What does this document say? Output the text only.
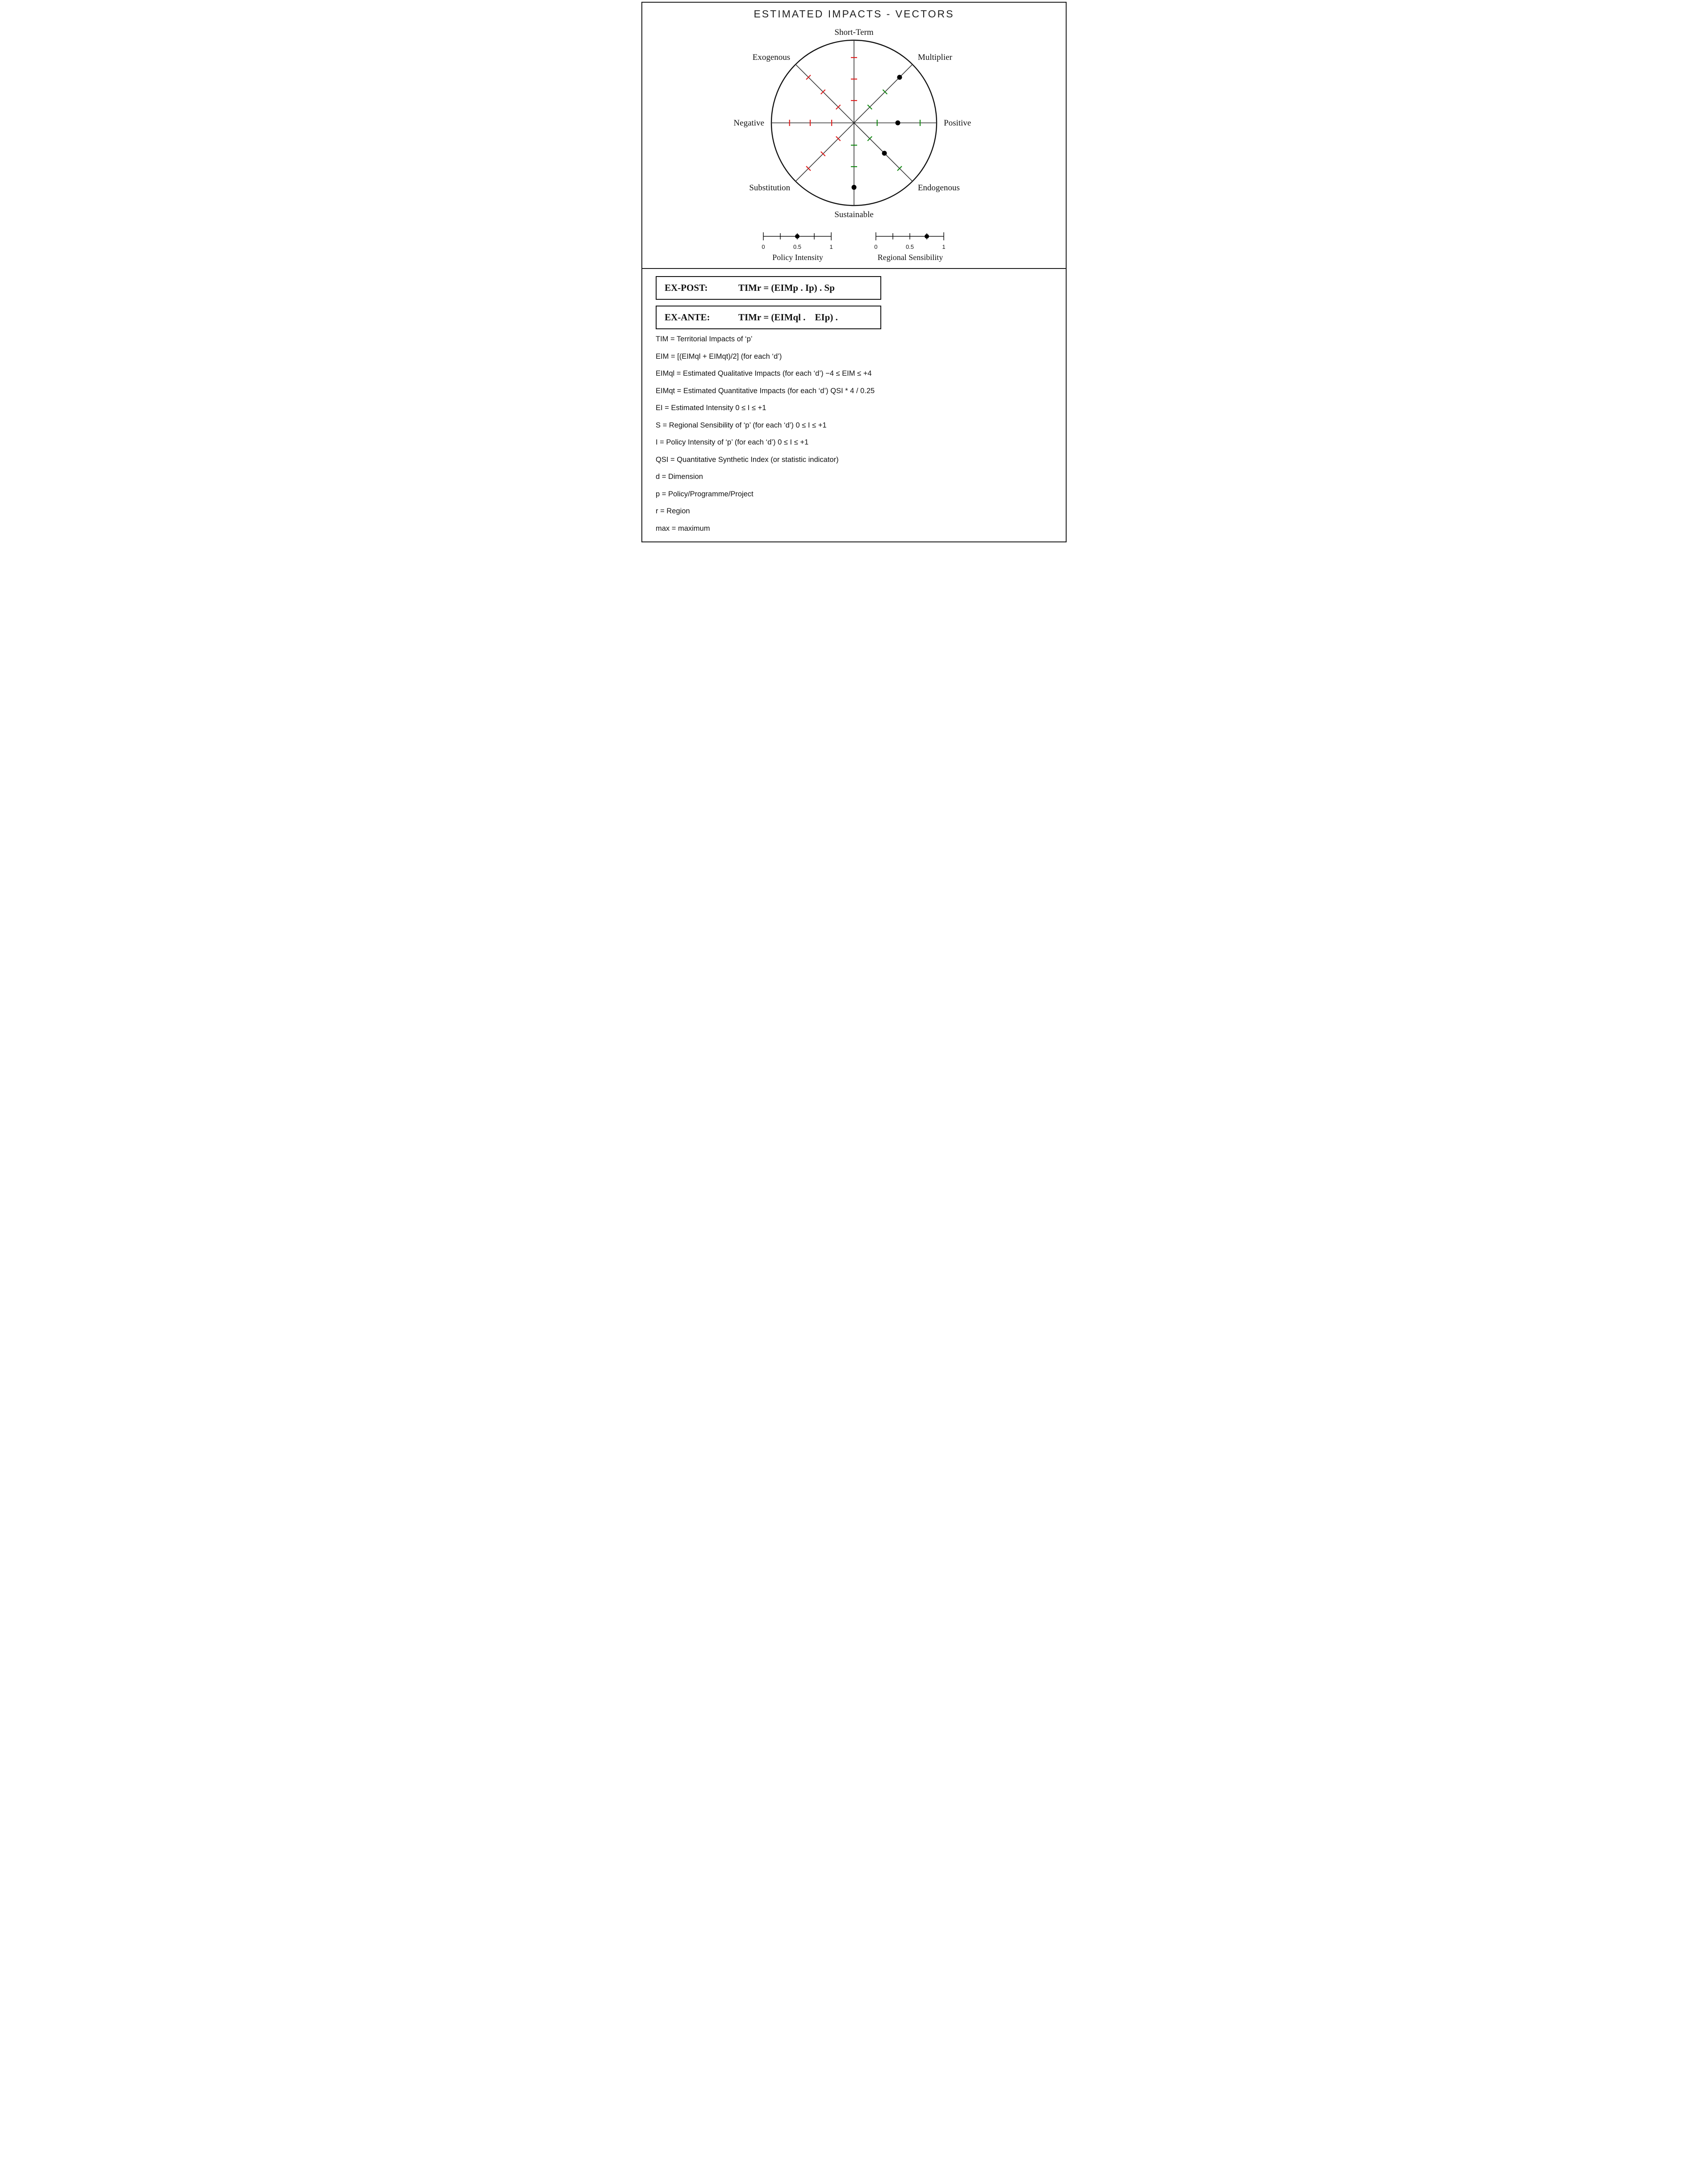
ESTIMATED IMPACTS - VECTORS
Short-Term
Multiplier
Positive
Endogenous
Sustainable
Substitution
Negative
Exogenous
0	0.5	1
Policy Intensity
0	0.5	1
Regional Sensibility
EX-POST:	TIMr = (EIMp . Ip) . Sp
EX-ANTE:	TIMr = (EIMql .    EIp) .
TIM = Territorial Impacts of ‘p’
EIM = [(EIMql + EIMqt)/2] (for each ‘d’)
EIMql = Estimated Qualitative Impacts (for each ‘d’) −4 ≤ EIM ≤ +4
EIMqt = Estimated Quantitative Impacts (for each ‘d’) QSI * 4 / 0.25
EI = Estimated Intensity 0 ≤ I ≤ +1
S = Regional Sensibility of ‘p’ (for each ‘d’) 0 ≤ I ≤ +1
I = Policy Intensity of ‘p’ (for each ‘d’) 0 ≤ I ≤ +1
QSI = Quantitative Synthetic Index (or statistic indicator)
d = Dimension
p = Policy/Programme/Project
r = Region
max = maximum
